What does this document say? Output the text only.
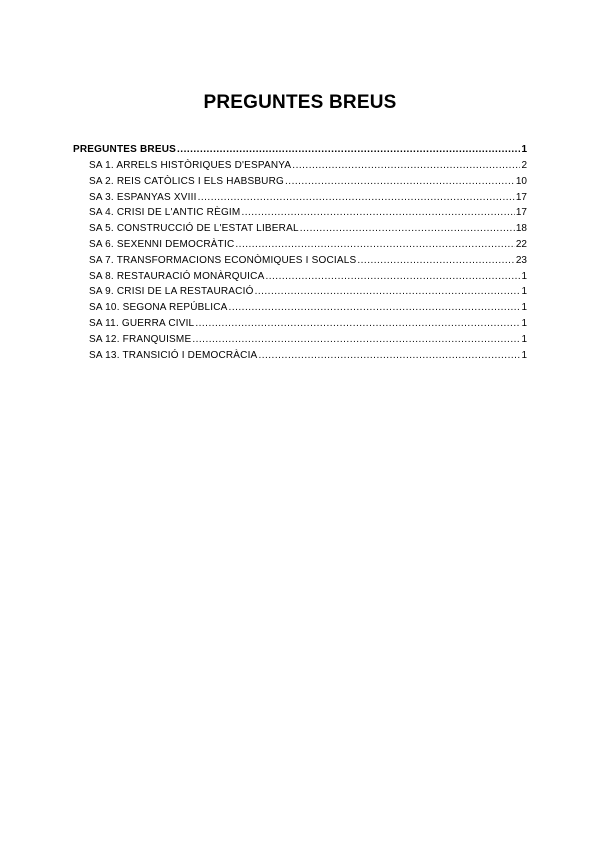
PREGUNTES BREUS
PREGUNTES BREUS .....	1
SA 1. ARRELS HISTÒRIQUES D'ESPANYA .....	2
SA 2. REIS CATÒLICS I ELS HABSBURG .....	10
SA 3. ESPANYAS XVIII .....	17
SA 4. CRISI DE L'ANTIC RÈGIM .....	17
SA 5. CONSTRUCCIÓ DE L'ESTAT LIBERAL .....	18
SA 6. SEXENNI DEMOCRÀTIC .....	22
SA 7. TRANSFORMACIONS ECONÒMIQUES I SOCIALS .....	23
SA 8. RESTAURACIÓ MONÀRQUICA .....	1
SA 9. CRISI DE LA RESTAURACIÓ .....	1
SA 10. SEGONA REPÚBLICA .....	1
SA 11. GUERRA CIVIL .....	1
SA 12. FRANQUISME .....	1
SA 13. TRANSICIÓ I DEMOCRÀCIA .....	1
